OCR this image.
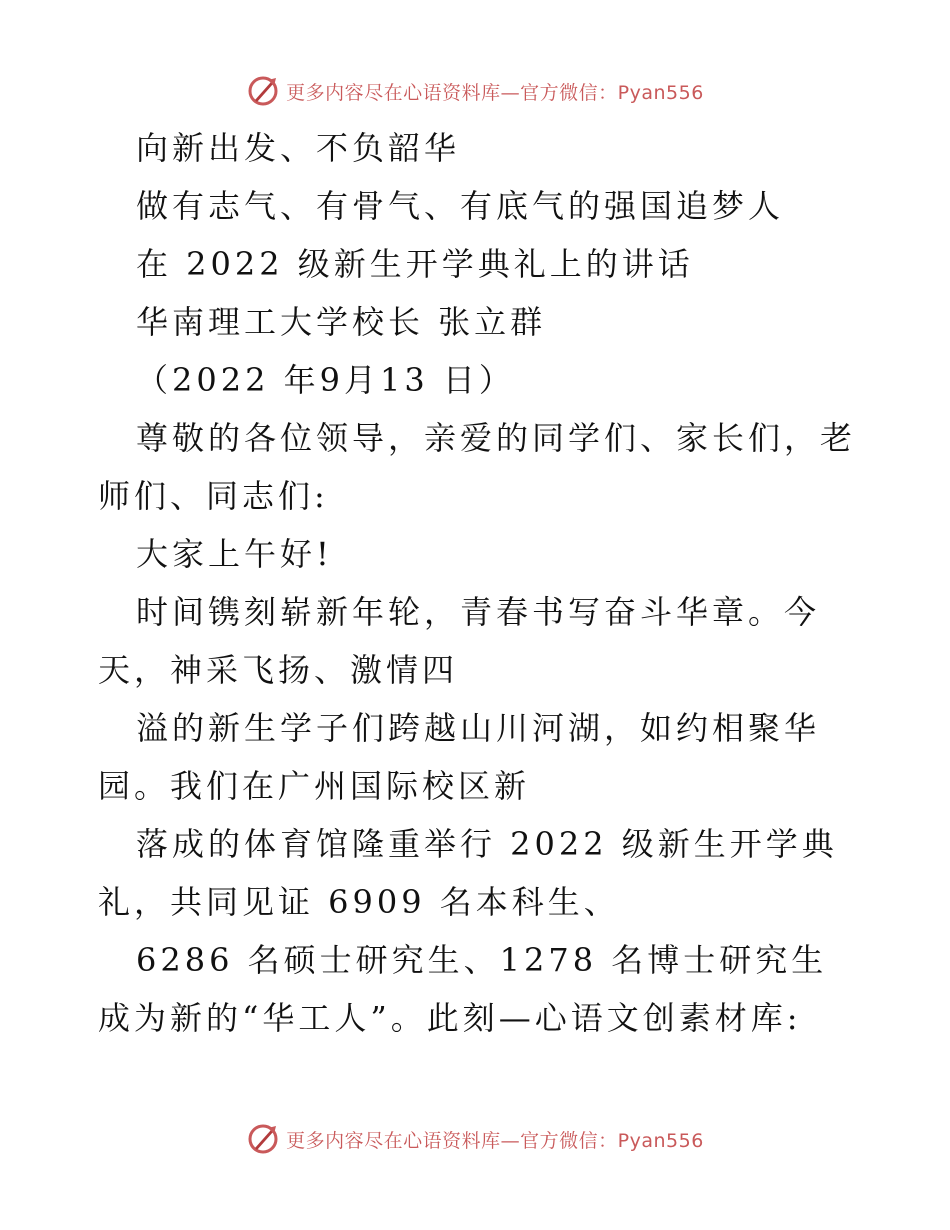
更多内容尽在心语资料库—官方微信：Pyan556

向新出发、不负韶华

做有志气、有骨气、有底气的强国追梦人

在 2022 级新生开学典礼上的讲话

华南理工大学校长 张立群

（2022 年9月13 日）

尊敬的各位领导，亲爱的同学们、家长们，老师们、同志们:

大家上午好!

时间镌刻崭新年轮，青春书写奋斗华章。今天，神采飞扬、激情四

溢的新生学子们跨越山川河湖，如约相聚华园。我们在广州国际校区新

落成的体育馆隆重举行 2022 级新生开学典礼，共同见证 6909 名本科生、

6286 名硕士研究生、1278 名博士研究生成为新的“华工人”。此刻—心语文创素材库:

更多内容尽在心语资料库—官方微信：Pyan556
